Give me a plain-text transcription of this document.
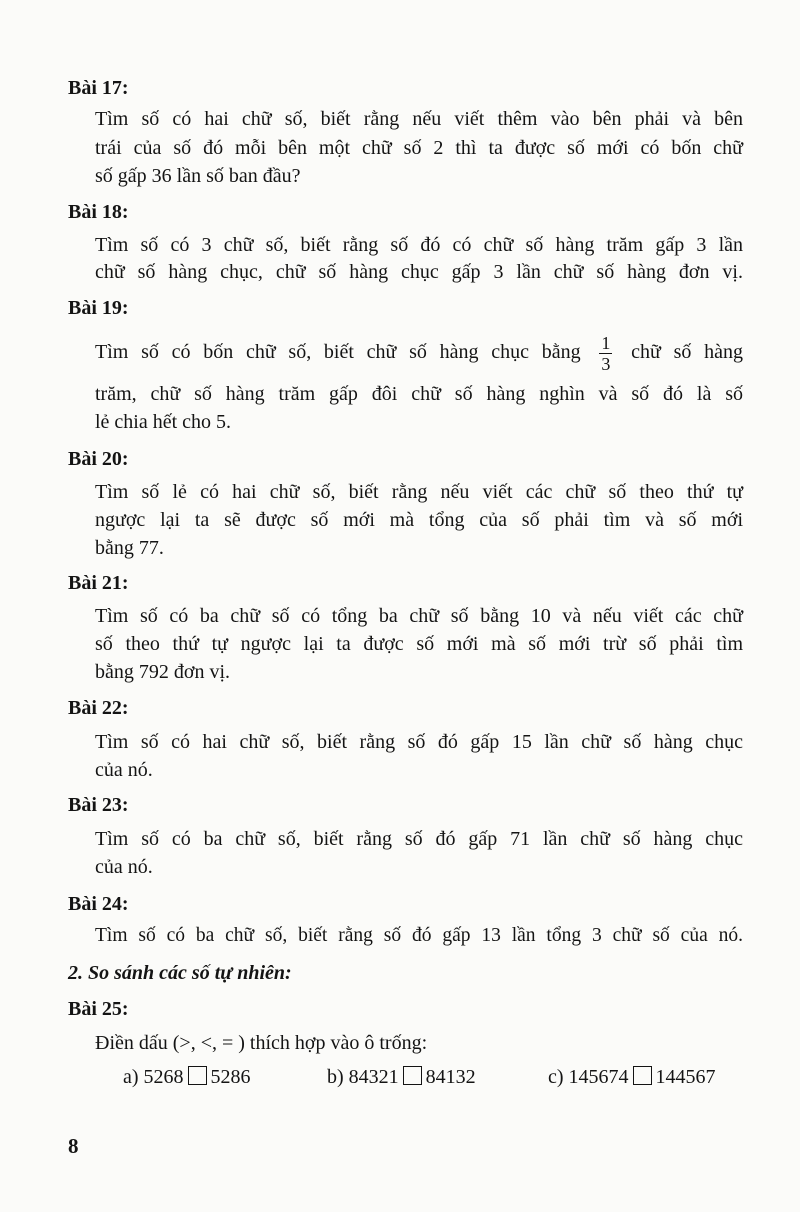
Bài 17:
Tìm số có hai chữ số, biết rằng nếu viết thêm vào bên phải và bên
trái của số đó mỗi bên một chữ số 2 thì ta được số mới có bốn chữ
số gấp 36 lần số ban đầu?
Bài 18:
Tìm số có 3 chữ số, biết rằng số đó có chữ số hàng trăm gấp 3 lần
chữ số hàng chục, chữ số hàng chục gấp 3 lần chữ số hàng đơn vị.
Bài 19:
Tìm số có bốn chữ số, biết chữ số hàng chục bằng $\frac{1}{3}$ chữ số hàng
trăm, chữ số hàng trăm gấp đôi chữ số hàng nghìn và số đó là số
lẻ chia hết cho 5.
Bài 20:
Tìm số lẻ có hai chữ số, biết rằng nếu viết các chữ số theo thứ tự
ngược lại ta sẽ được số mới mà tổng của số phải tìm và số mới
bằng 77.
Bài 21:
Tìm số có ba chữ số có tổng ba chữ số bằng 10 và nếu viết các chữ
số theo thứ tự ngược lại ta được số mới mà số mới trừ số phải tìm
bằng 792 đơn vị.
Bài 22:
Tìm số có hai chữ số, biết rằng số đó gấp 15 lần chữ số hàng chục
của nó.
Bài 23:
Tìm số có ba chữ số, biết rằng số đó gấp 71 lần chữ số hàng chục
của nó.
Bài 24:
Tìm số có ba chữ số, biết rằng số đó gấp 13 lần tổng 3 chữ số của nó.
2. So sánh các số tự nhiên:
Bài 25:
Điền dấu (>, <, = ) thích hợp vào ô trống:
a) 5268 5286	b) 84321 84132	c) 145674 144567
8
